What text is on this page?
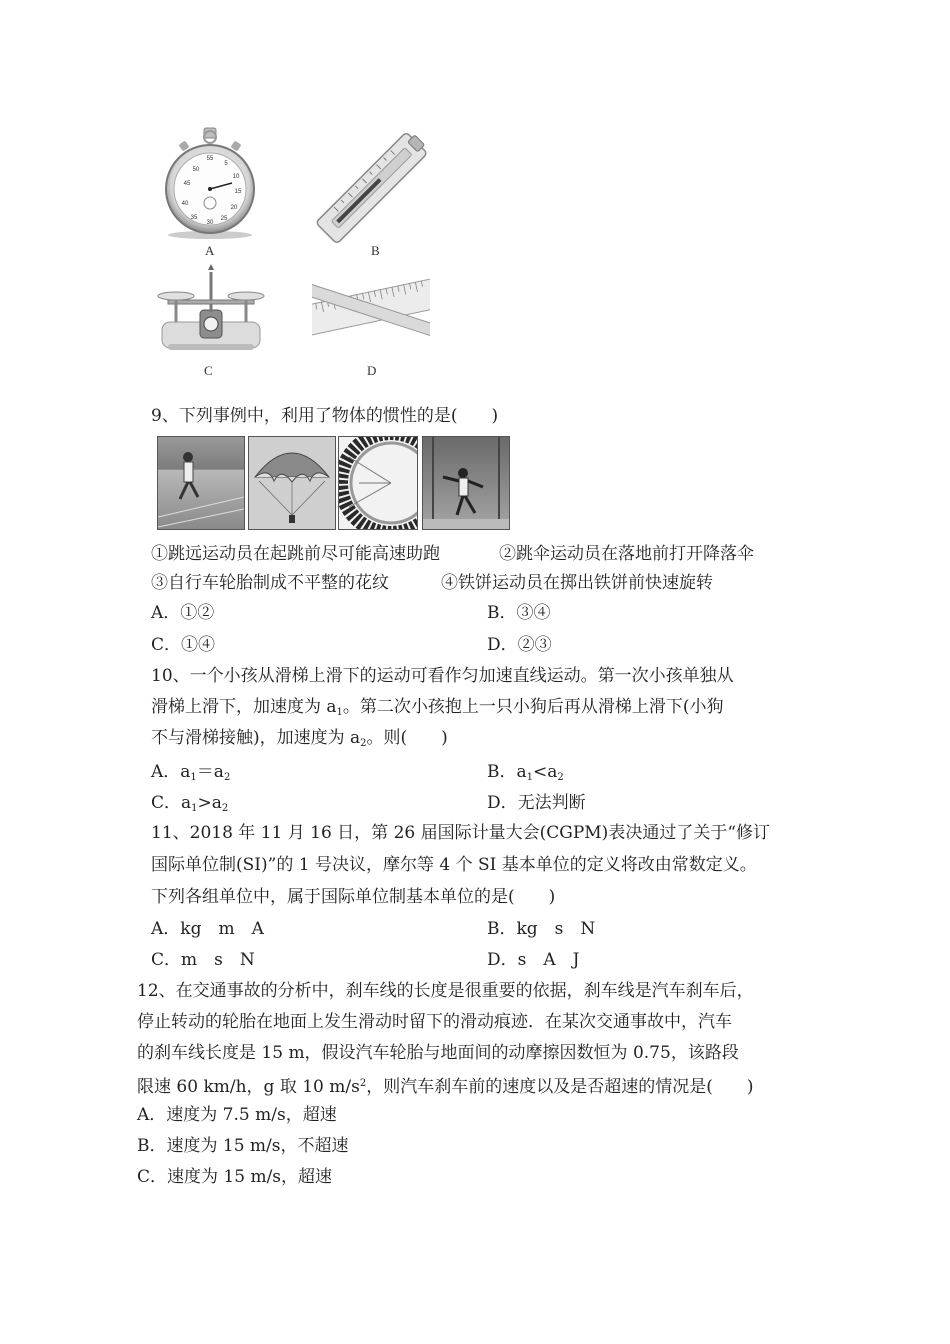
55
5
50
10
45
15
40
20
35	25
30
A	B
C	D
9、下列事例中，利用了物体的惯性的是(　　)
①跳远运动员在起跳前尽可能高速助跑	②跳伞运动员在落地前打开降落伞
③自行车轮胎制成不平整的花纹	④铁饼运动员在掷出铁饼前快速旋转
A．①②	B．③④
C．①④	D．②③
10、一个小孩从滑梯上滑下的运动可看作匀加速直线运动。第一次小孩单独从
滑梯上滑下，加速度为 $a_1$。第二次小孩抱上一只小狗后再从滑梯上滑下(小狗
不与滑梯接触)，加速度为 $a_2$。则(　　)
A．$a_1=a_2$	B．$a_1<a_2$
C．$a_1>a_2$	D．无法判断
11、2018 年 11 月 16 日，第 26 届国际计量大会(CGPM)表决通过了关于“修订
国际单位制(SI)”的 1 号决议，摩尔等 4 个 SI 基本单位的定义将改由常数定义。
下列各组单位中，属于国际单位制基本单位的是(　　)
A．kg　m　A	B．kg　s　N
C．m　s　N	D．s　A　J
12、在交通事故的分析中，刹车线的长度是很重要的依据，刹车线是汽车刹车后，
停止转动的轮胎在地面上发生滑动时留下的滑动痕迹．在某次交通事故中，汽车
的刹车线长度是 15 m，假设汽车轮胎与地面间的动摩擦因数恒为 0.75，该路段
限速 60 km/h，g 取 10 $m/s^2$，则汽车刹车前的速度以及是否超速的情况是(　　)
A．速度为 7.5 m/s，超速
B．速度为 15 m/s，不超速
C．速度为 15 m/s，超速
